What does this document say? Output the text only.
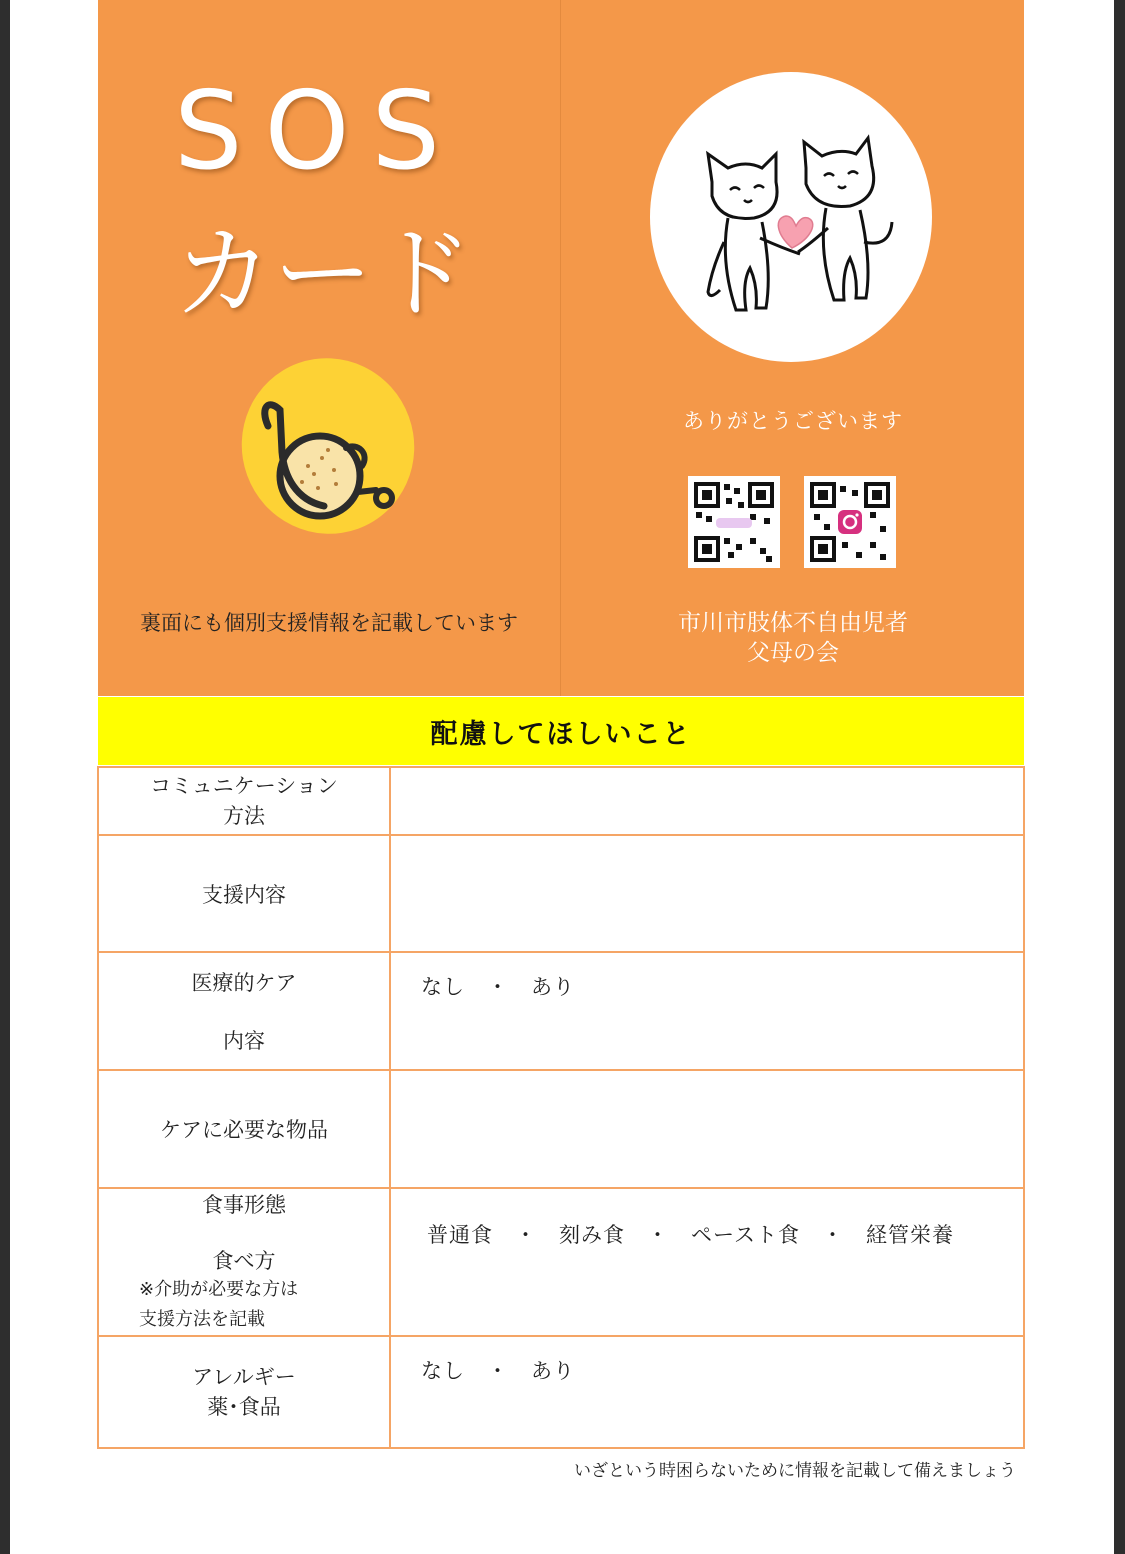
SOS
カード
裏面にも個別支援情報を記載しています
ありがとうございます
市川市肢体不自由児者
父母の会
配慮してほしいこと
コミュニケーション
方法	

支援内容	

医療的ケア
内容	なし　・　あり

ケアに必要な物品	

食事形態
食べ方
※介助が必要な方は
支援方法を記載	普通食　・　刻み食　・　ペースト食　・　経管栄養

アレルギー
薬･食品	なし　・　あり
いざという時困らないために情報を記載して備えましょう
